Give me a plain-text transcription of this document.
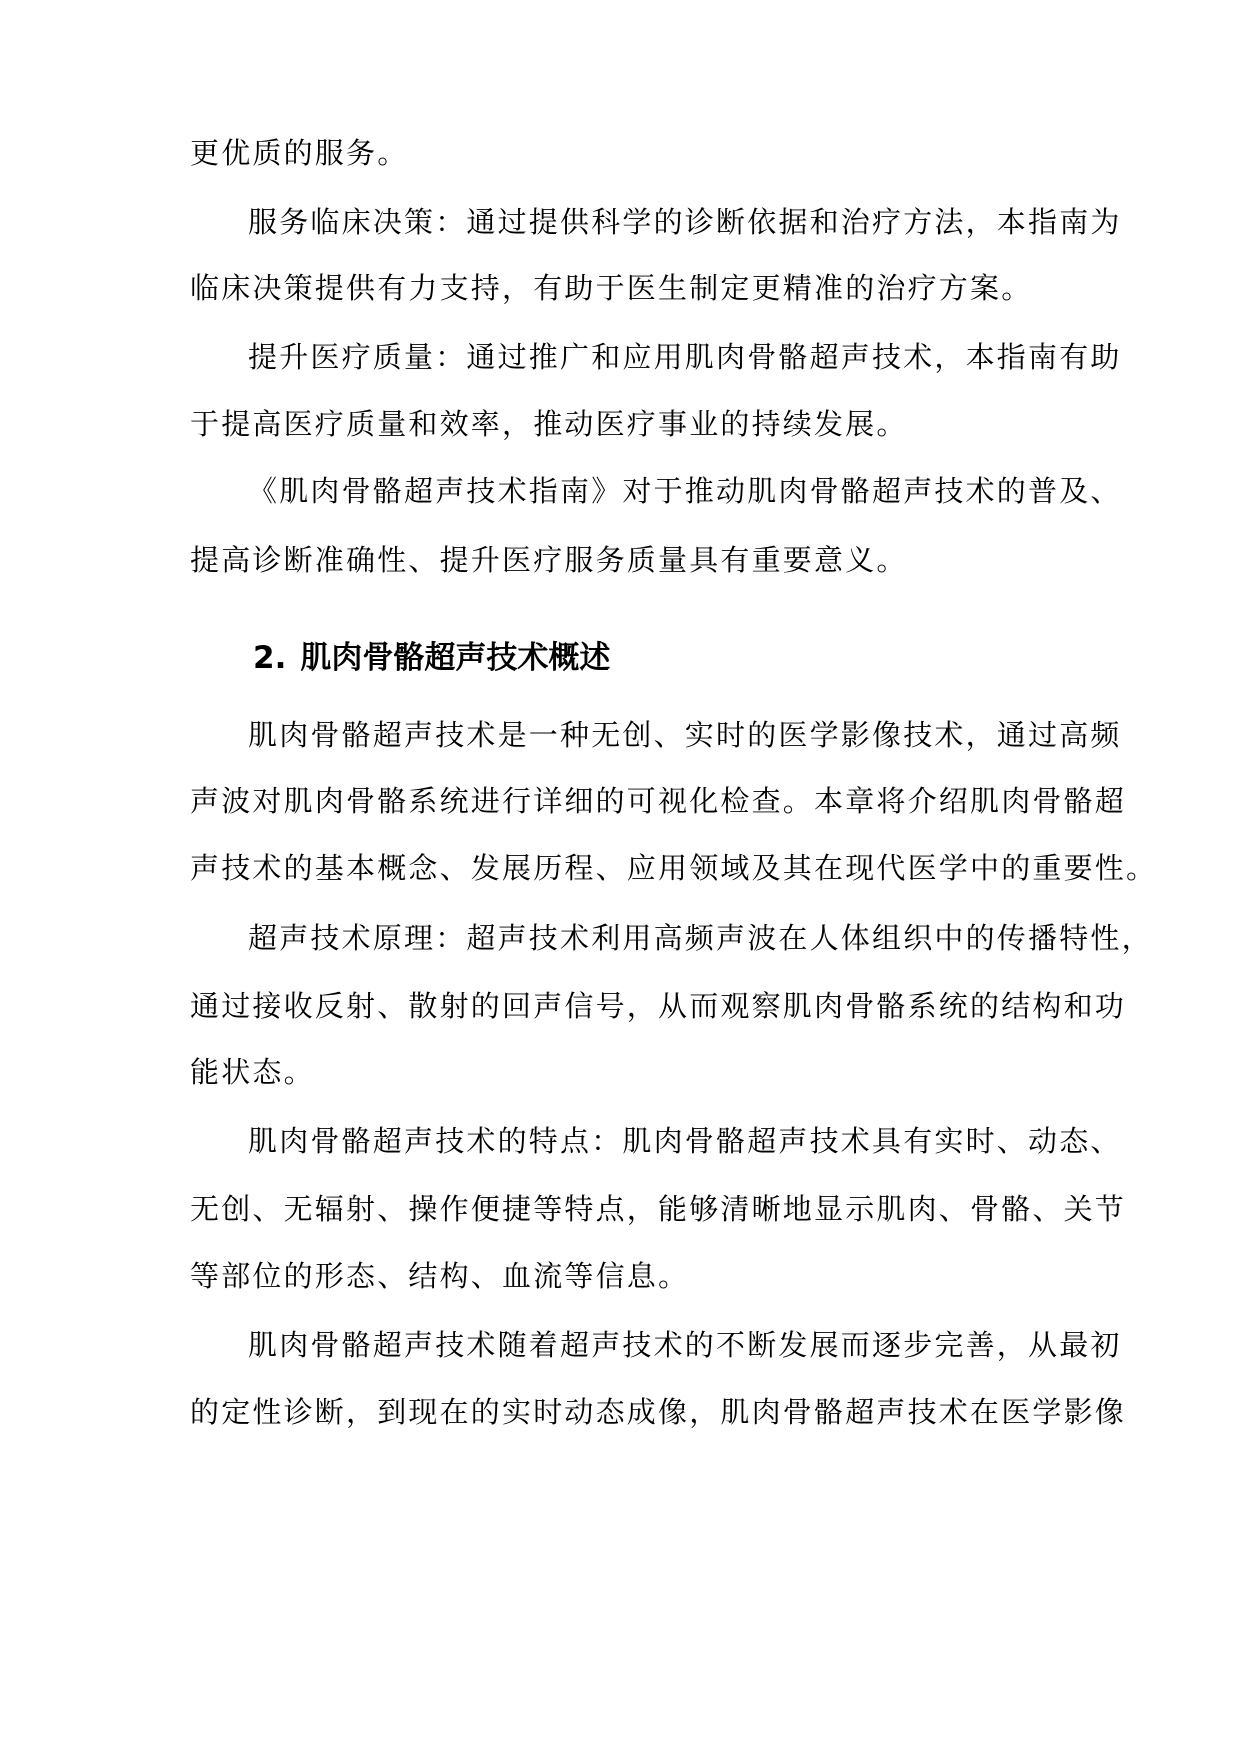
更优质的服务。
服务临床决策：通过提供科学的诊断依据和治疗方法，本指南为
临床决策提供有力支持，有助于医生制定更精准的治疗方案。
提升医疗质量：通过推广和应用肌肉骨骼超声技术，本指南有助
于提高医疗质量和效率，推动医疗事业的持续发展。
《肌肉骨骼超声技术指南》对于推动肌肉骨骼超声技术的普及、
提高诊断准确性、提升医疗服务质量具有重要意义。
2. 肌肉骨骼超声技术概述
肌肉骨骼超声技术是一种无创、实时的医学影像技术，通过高频
声波对肌肉骨骼系统进行详细的可视化检查。本章将介绍肌肉骨骼超
声技术的基本概念、发展历程、应用领域及其在现代医学中的重要性。
超声技术原理：超声技术利用高频声波在人体组织中的传播特性，
通过接收反射、散射的回声信号，从而观察肌肉骨骼系统的结构和功
能状态。
肌肉骨骼超声技术的特点：肌肉骨骼超声技术具有实时、动态、
无创、无辐射、操作便捷等特点，能够清晰地显示肌肉、骨骼、关节
等部位的形态、结构、血流等信息。
肌肉骨骼超声技术随着超声技术的不断发展而逐步完善，从最初
的定性诊断，到现在的实时动态成像，肌肉骨骼超声技术在医学影像
